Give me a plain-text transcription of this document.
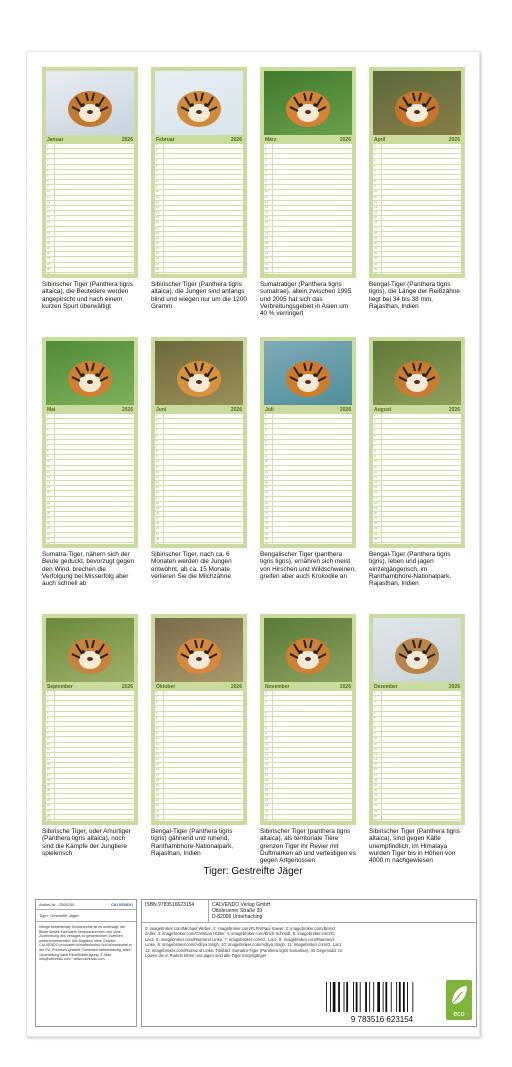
Januar	2026
1
2
3
4
5
6
7
8
9
10
11
12
13
14
15
16
17
18
19
20
21
22
23
24
25
Sibirischer Tiger (Panthera tigris altaica), die Beutetiere werden angepirscht und nach einem kurzen Spurt überwältigt
Februar	2026
1
2
3
4
5
6
7
8
9
10
11
12
13
14
15
16
17
18
19
20
21
22
23
24
25
Sibirischer Tiger (Panthera tigris altaica), die Jungen sind anfangs blind und wiegen nur um die 1200 Gramm
März	2026
1
2
3
4
5
6
7
8
9
10
11
12
13
14
15
16
17
18
19
20
21
22
23
24
25
Sumatratiger (Panthera tigris sumatrae), allein zwischen 1995 und 2005 hat sich das Verbreitungsgebiet in Asien um 40 % verringert
April	2026
1
2
3
4
5
6
7
8
9
10
11
12
13
14
15
16
17
18
19
20
21
22
23
24
25
Bengal-Tiger (Panthera tigris tigris), die Länge der Reißzähne liegt bei 34 bis 38 mm, Rajasthan, Indien
Mai	2026
1
2
3
4
5
6
7
8
9
10
11
12
13
14
15
16
17
18
19
20
21
22
23
24
25
Sumatra-Tiger, nähern sich der Beute geduckt, bevorzugt gegen den Wind, brechen die Verfolgung bei Misserfolg aber auch schnell ab
Juni	2026
1
2
3
4
5
6
7
8
9
10
11
12
13
14
15
16
17
18
19
20
21
22
23
24
25
Sibirischer Tiger, nach ca. 6 Monaten werden die Jungen entwöhnt, ab ca. 15 Monate verlieren Sie die Milchzähne
Juli	2026
1
2
3
4
5
6
7
8
9
10
11
12
13
14
15
16
17
18
19
20
21
22
23
24
25
Bengalischer Tiger (panthera tigris tigris), ernähren sich meist von Hirschen und Wildschweinen, greifen aber auch Krokodile an
August	2026
1
2
3
4
5
6
7
8
9
10
11
12
13
14
15
16
17
18
19
20
21
22
23
24
25
Bengal-Tiger (Panthera tigris tigris), leben und jagen einzelgängerisch, im Ranthambhore-Nationalpark, Rajasthan, Indien
September	2026
1
2
3
4
5
6
7
8
9
10
11
12
13
14
15
16
17
18
19
20
21
22
23
24
25
Sibirische Tiger, oder Amurtiger (Panthera tigris altaica), noch sind die Kämpfe der Jungtiere spielerisch
Oktober	2026
1
2
3
4
5
6
7
8
9
10
11
12
13
14
15
16
17
18
19
20
21
22
23
24
25
Bengal-Tiger (Panthera tigris tigris) gähnend und ruhend, Ranthambhore-Nationalpark, Rajasthan, Indien
November	2026
1
2
3
4
5
6
7
8
9
10
11
12
13
14
15
16
17
18
19
20
21
22
23
24
25
Sibirischer Tiger (panthera tigris altaica), als territoriale Tiere grenzen Tiger ihr Revier mit Duftmarken ab und verteidigen es gegen Artgenossen
Dezember	2026
1
2
3
4
5
6
7
8
9
10
11
12
13
14
15
16
17
18
19
20
21
22
23
24
25
Sibirischer Tiger (Panthera tigris altaica), sind gegen Kälte unempfindlich, im Himalaya wurden Tiger bis in Höhen von 4000 m nachgewiesen
Tiger: Gestreifte Jäger
Artikel-Nr.: 2566240	CALVENDO
Tiger: Gestreifte Jäger
Infolge bestehender Schutzrechte ist es untersagt, die Bilder dieses Kalenders herauszutrennen und ohne Zustimmung des Verlages zu gewerblichen Zwecken weiterzuverwenden. Alle Angaben ohne Gewähr. CALVENDO produziert klimafreundlich und klimaneutral in der EU. Premium-Qualität: Garantiert farbbeständig, klare Verarbeitung dank Einzelbildfertigung. E-Mail: info@calvendo.com · www.calvendo.com
ISBN 9783516623154	CALVENDO Verlag GmbH
Ottobrunner Straße 39
D-82008 Unterhaching
0: imagebroker.com/Michael Weber, 1: imagebroker.com/FLPA/Paul Sawer, 2: imagebroker.com/Bernd Zoller, 3: imagebroker.com/Christian Hütter, 4: imagebroker.com/Erich Schmidt, 5: imagebroker.com/G. Lacz, 6: imagebroker.com/Raimund Linke, 7: imagebroker.com/G. Lacz, 8: imagebroker.com/Raimund Linke, 9: imagebroker.com/Aditya Singh, 10: imagebroker.com/Aditya Singh, 11: imagebroker.com/G. Lacz, 12: imagebroker.com/Raimund Linke. Titelbild: Sumatra-Tiger (Panthera tigris sumatrae). Im Gegensatz zu Löwen die in Rudeln leben und jagen sind alle Tiger Einzelgänger
9 783516 623154
eco
